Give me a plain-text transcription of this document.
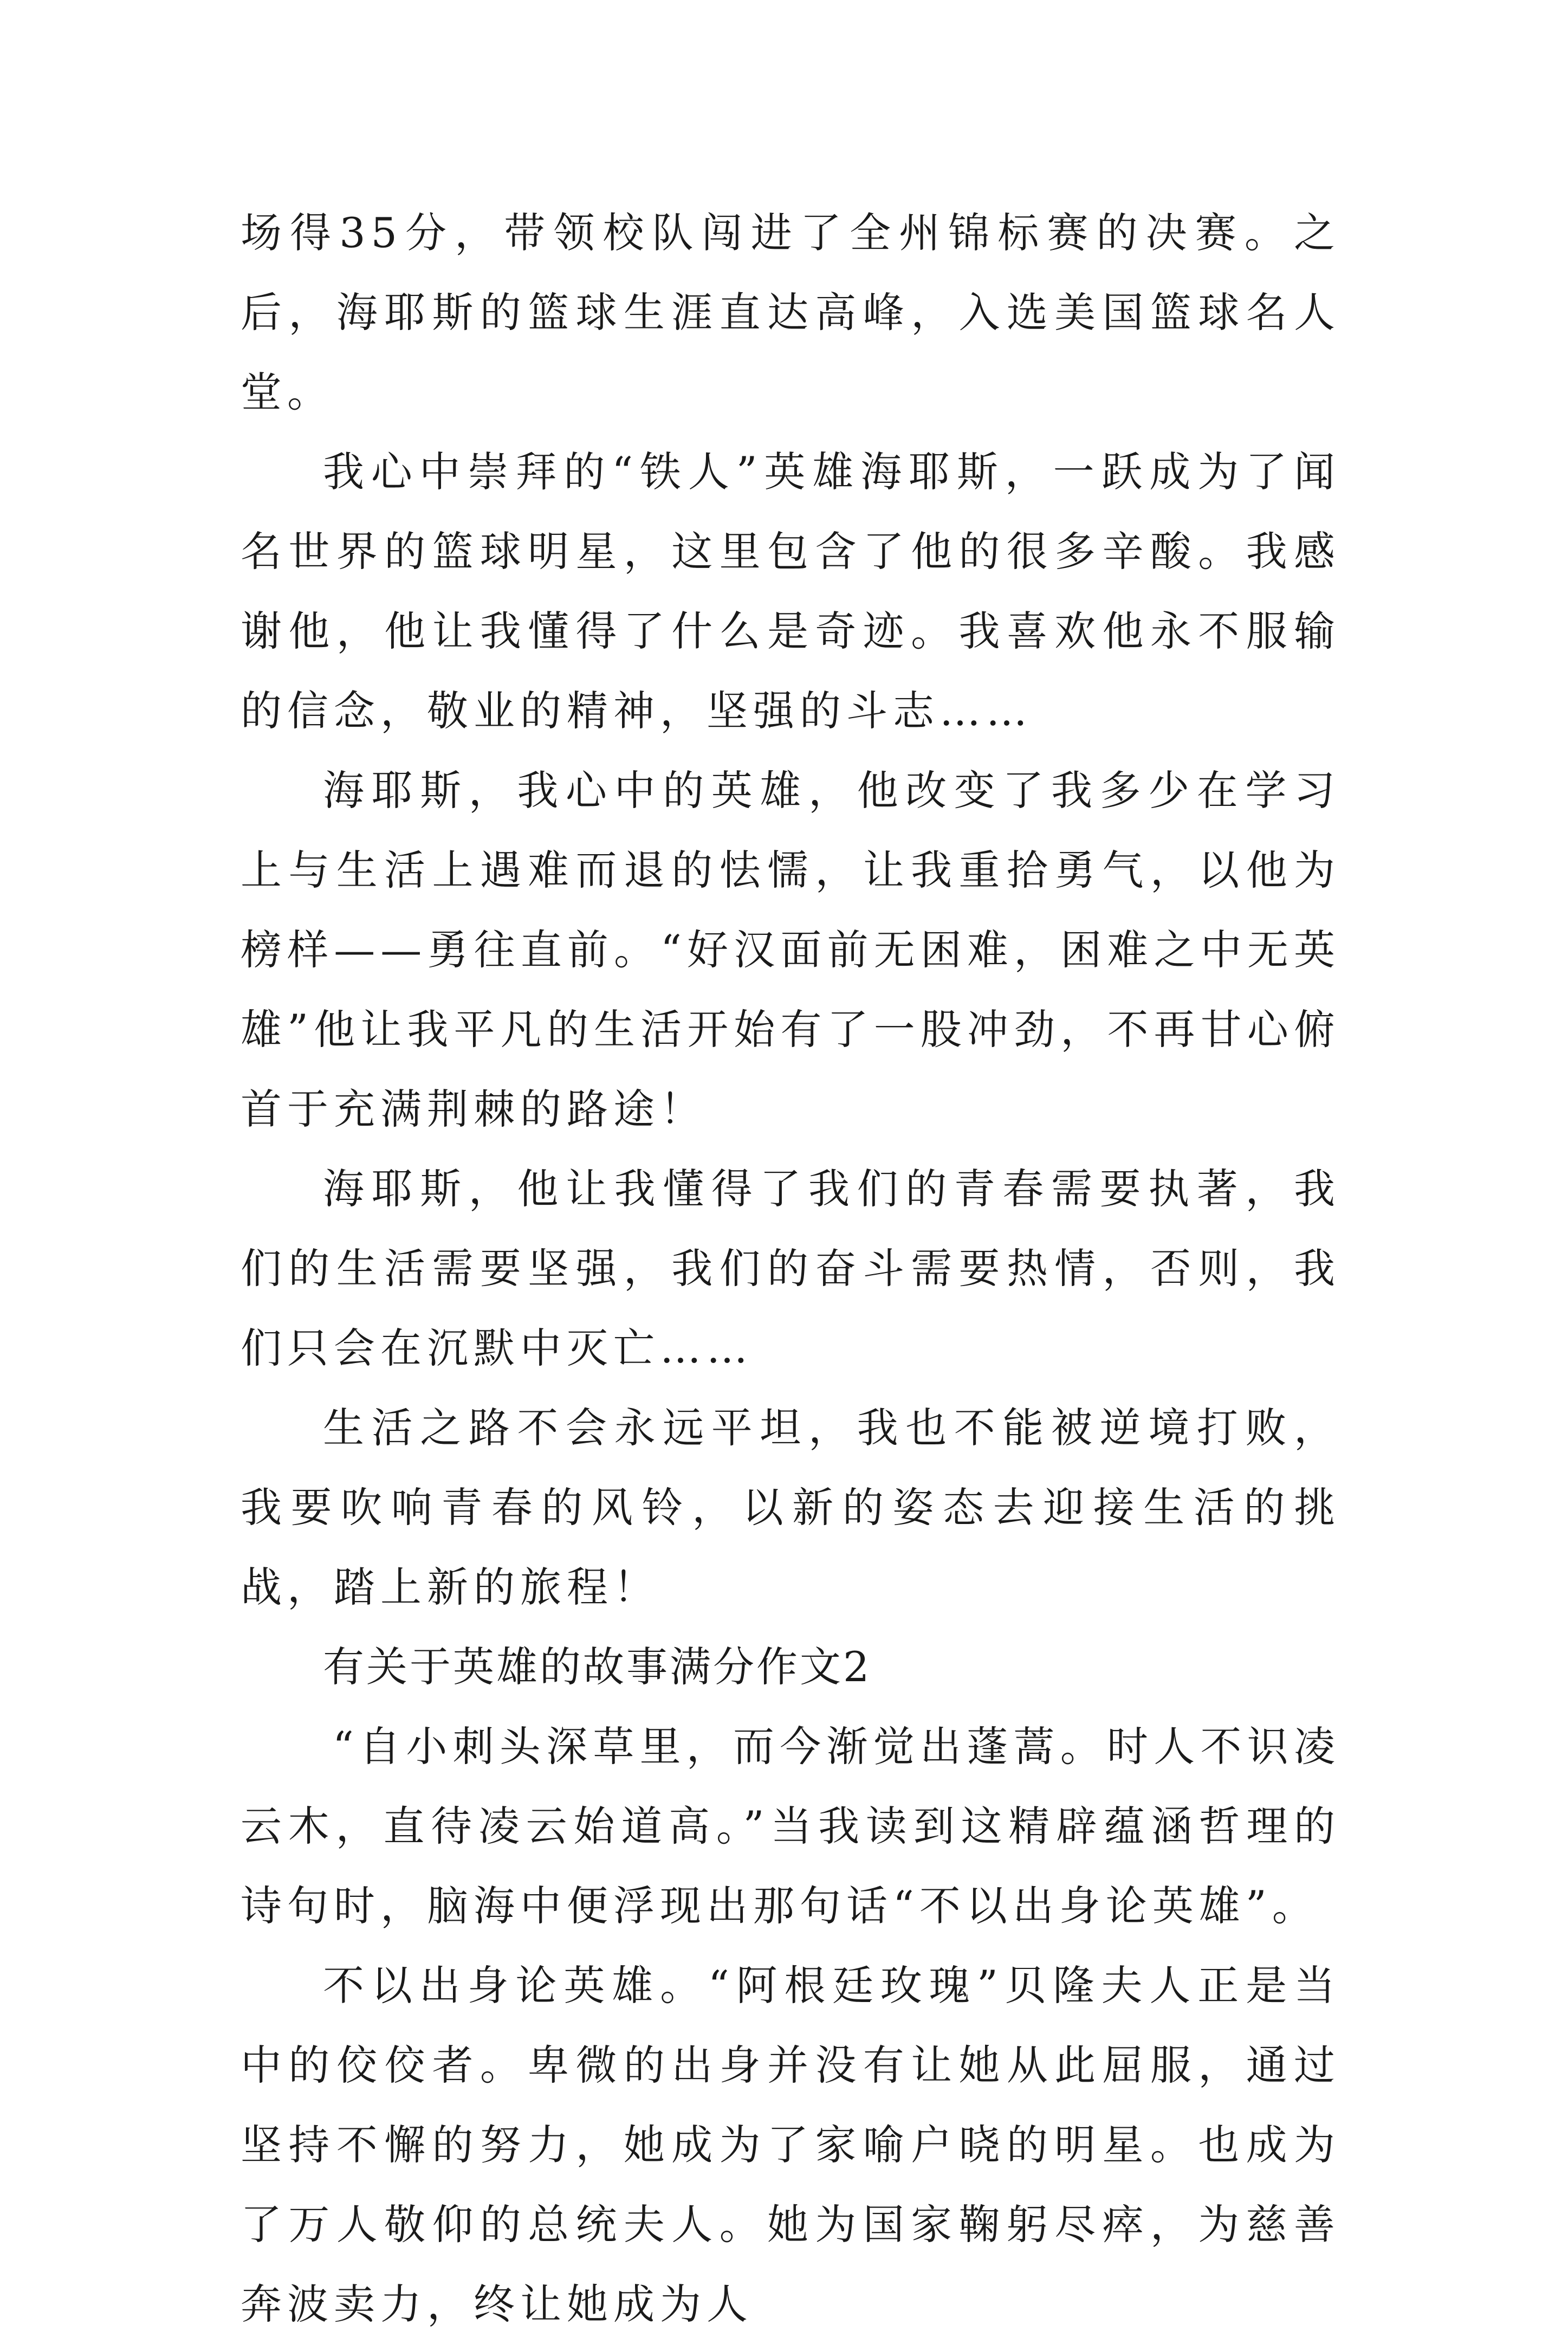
场得35分，带领校队闯进了全州锦标赛的决赛。之后，海耶斯的篮球生涯直达高峰，入选美国篮球名人堂。

我心中崇拜的“铁人”英雄海耶斯，一跃成为了闻名世界的篮球明星，这里包含了他的很多辛酸。我感谢他，他让我懂得了什么是奇迹。我喜欢他永不服输的信念，敬业的精神，坚强的斗志……

海耶斯，我心中的英雄，他改变了我多少在学习上与生活上遇难而退的怯懦，让我重拾勇气，以他为榜样——勇往直前。“好汉面前无困难，困难之中无英雄”他让我平凡的生活开始有了一股冲劲，不再甘心俯首于充满荆棘的路途！

海耶斯，他让我懂得了我们的青春需要执著，我们的生活需要坚强，我们的奋斗需要热情，否则，我们只会在沉默中灭亡……

生活之路不会永远平坦，我也不能被逆境打败，我要吹响青春的风铃，以新的姿态去迎接生活的挑战，踏上新的旅程！

有关于英雄的故事满分作文2

“自小刺头深草里，而今渐觉出蓬蒿。时人不识凌云木，直待凌云始道高。”当我读到这精辟蕴涵哲理的诗句时，脑海中便浮现出那句话“不以出身论英雄”。

不以出身论英雄。“阿根廷玫瑰”贝隆夫人正是当中的佼佼者。卑微的出身并没有让她从此屈服，通过坚持不懈的努力，她成为了家喻户晓的明星。也成为了万人敬仰的总统夫人。她为国家鞠躬尽瘁，为慈善奔波卖力，终让她成为人
